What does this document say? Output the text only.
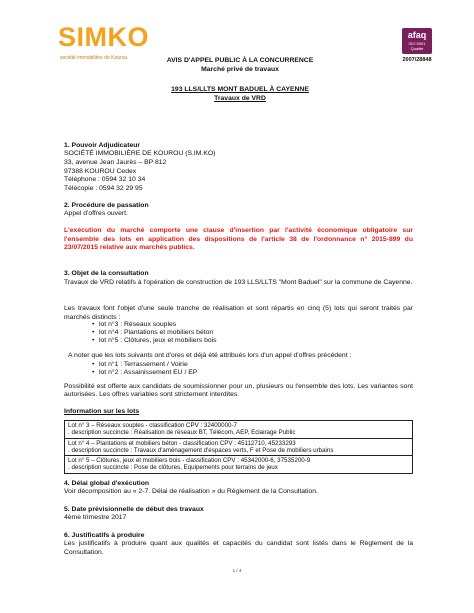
SIMKO
société immobilière de Kourou
afaq
ISO 9001
Qualité
2007/28848
AVIS D'APPEL PUBLIC À LA CONCURRENCE
Marché privé de travaux
193 LLS/LLTS MONT BADUEL À CAYENNE
Travaux de VRD
1. Pouvoir Adjudicateur
SOCIÉTÉ IMMOBILIÈRE DE KOUROU (S.IM.KO)
33, avenue Jean Jaurès – BP 812
97388 KOUROU Cedex
Téléphone : 0594 32 10 34
Télécopie : 0594 32 29 95
2. Procédure de passation
Appel d'offres ouvert.
L'exécution du marché comporte une clause d'insertion par l'activité économique obligatoire sur l'ensemble des lots en application des dispositions de l'article 38 de l'ordonnance n° 2015-899 du 23/07/2015 relative aux marchés publics.
3. Objet de la consultation
Travaux de VRD relatifs à l'opération de construction de 193 LLS/LLTS "Mont Baduel" sur la commune de Cayenne.
Les travaux font l'objet d'une seule tranche de réalisation et sont répartis en cinq (5) lots qui seront traités par marchés distincts :
• lot n°3 : Réseaux souples
• lot n°4 : Plantations et mobiliers béton
• lot n°5 : Clôtures, jeux et mobiliers bois
A noter que les lots suivants ont d'ores et déjà été attribués lors d'un appel d'offres précédent :
• lot n°1 : Terrassement / Voirie
• lot n°2 : Assainissement EU / EP
Possibilité est offerte aux candidats de soumissionner pour un, plusieurs ou l'ensemble des lots. Les variantes sont autorisées. Les offres variables sont strictement interdites.
4. Délai global d'exécution
Voir décomposition au « 2-7. Délai de réalisation » du Règlement de la Consultation.
5. Date prévisionnelle de début des travaux
4ème trimestre 2017
6. Justificatifs à produire
Les justificatifs à produire quant aux qualités et capacités du candidat sont listés dans le Règlement de la Consultation.
1 / 4
Information sur les lots
Lot n° 3 – Réseaux souples - classification CPV : 32400000-7
. description succincte : Réalisation de réseaux BT, Télécom, AEP, Eclairage Public

Lot n° 4 – Plantations et mobiliers béton - classification CPV : 45112710, 45233293
. description succincte : Travaux d'aménagement d'espaces verts, F et Pose de mobiliers urbains

Lot n° 5 – Clôtures, jeux et mobiliers bois - classification CPV : 45342000-6, 37535200-9
. description succincte : Pose de clôtures, Equipements pour terrains de jeux
